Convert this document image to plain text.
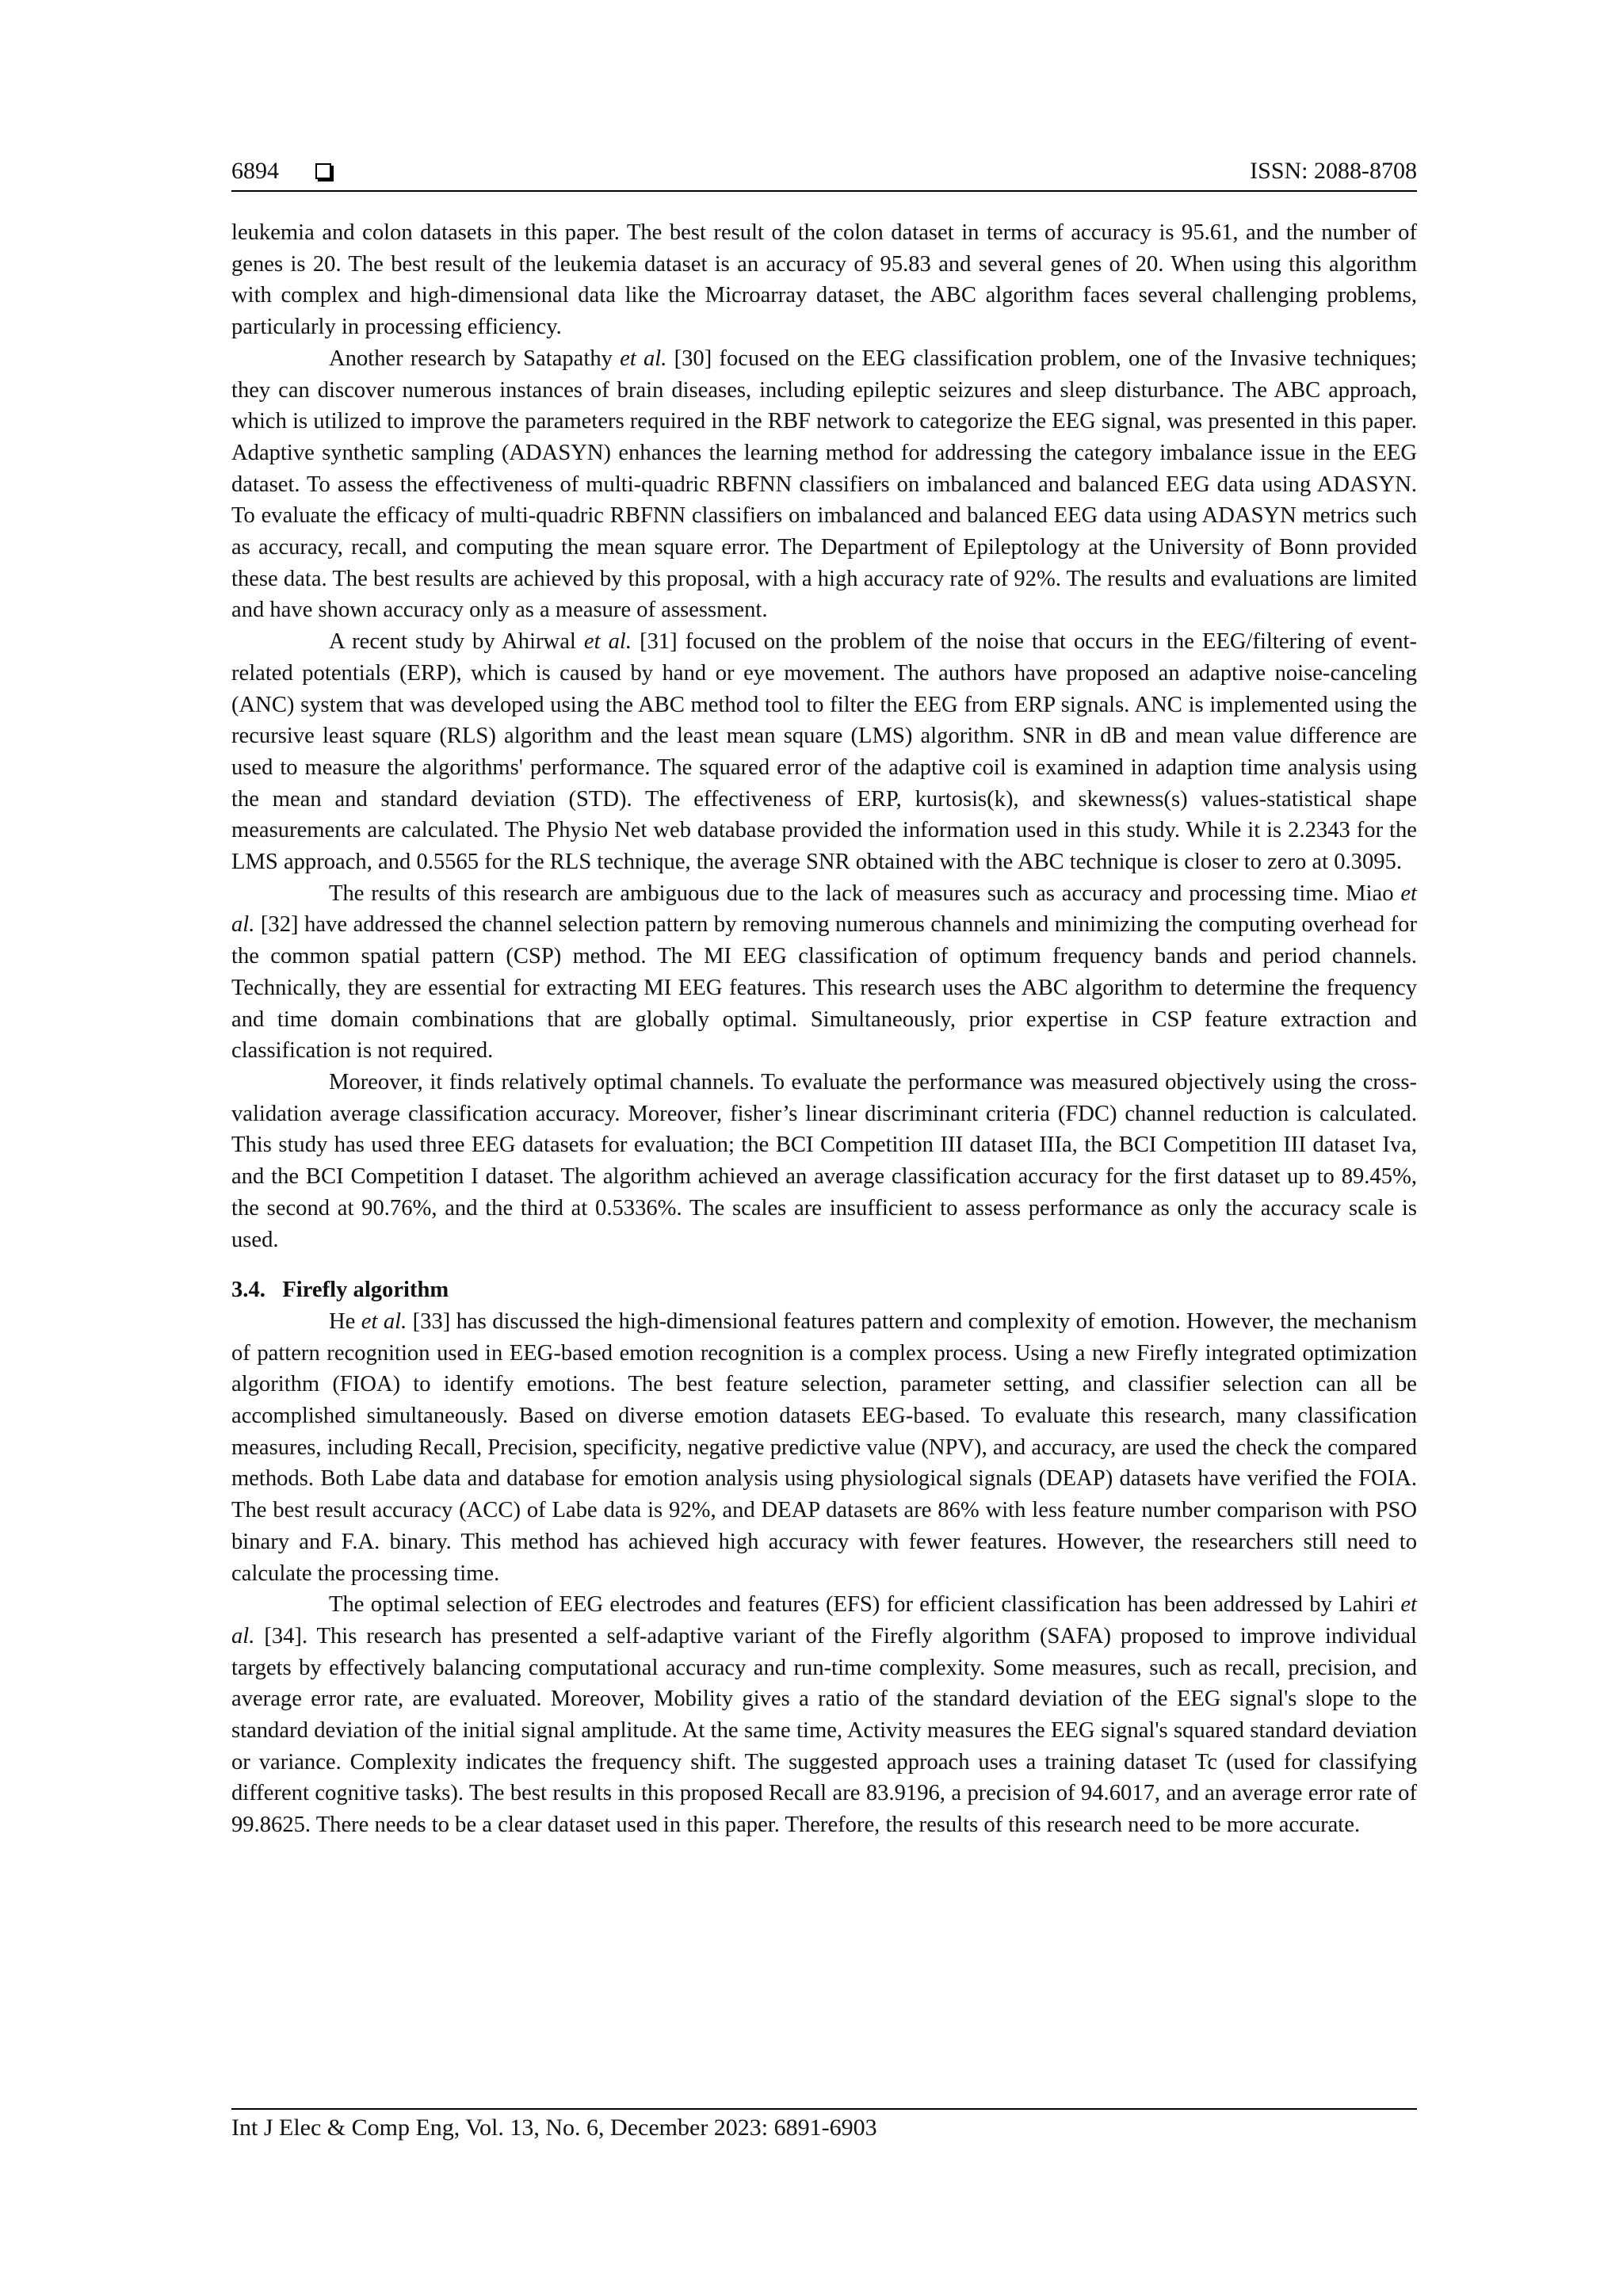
6894	ISSN: 2088-8708

leukemia and colon datasets in this paper. The best result of the colon dataset in terms of accuracy is 95.61, and the number of genes is 20. The best result of the leukemia dataset is an accuracy of 95.83 and several genes of 20. When using this algorithm with complex and high-dimensional data like the Microarray dataset, the ABC algorithm faces several challenging problems, particularly in processing efficiency.

Another research by Satapathy et al. [30] focused on the EEG classification problem, one of the Invasive techniques; they can discover numerous instances of brain diseases, including epileptic seizures and sleep disturbance. The ABC approach, which is utilized to improve the parameters required in the RBF network to categorize the EEG signal, was presented in this paper. Adaptive synthetic sampling (ADASYN) enhances the learning method for addressing the category imbalance issue in the EEG dataset. To assess the effectiveness of multi-quadric RBFNN classifiers on imbalanced and balanced EEG data using ADASYN. To evaluate the efficacy of multi-quadric RBFNN classifiers on imbalanced and balanced EEG data using ADASYN metrics such as accuracy, recall, and computing the mean square error. The Department of Epileptology at the University of Bonn provided these data. The best results are achieved by this proposal, with a high accuracy rate of 92%. The results and evaluations are limited and have shown accuracy only as a measure of assessment.

A recent study by Ahirwal et al. [31] focused on the problem of the noise that occurs in the EEG/filtering of event-related potentials (ERP), which is caused by hand or eye movement. The authors have proposed an adaptive noise-canceling (ANC) system that was developed using the ABC method tool to filter the EEG from ERP signals. ANC is implemented using the recursive least square (RLS) algorithm and the least mean square (LMS) algorithm. SNR in dB and mean value difference are used to measure the algorithms' performance. The squared error of the adaptive coil is examined in adaption time analysis using the mean and standard deviation (STD). The effectiveness of ERP, kurtosis(k), and skewness(s) values-statistical shape measurements are calculated. The Physio Net web database provided the information used in this study. While it is 2.2343 for the LMS approach, and 0.5565 for the RLS technique, the average SNR obtained with the ABC technique is closer to zero at 0.3095.

The results of this research are ambiguous due to the lack of measures such as accuracy and processing time. Miao et al. [32] have addressed the channel selection pattern by removing numerous channels and minimizing the computing overhead for the common spatial pattern (CSP) method. The MI EEG classification of optimum frequency bands and period channels. Technically, they are essential for extracting MI EEG features. This research uses the ABC algorithm to determine the frequency and time domain combinations that are globally optimal. Simultaneously, prior expertise in CSP feature extraction and classification is not required.

Moreover, it finds relatively optimal channels. To evaluate the performance was measured objectively using the cross-validation average classification accuracy. Moreover, fisher’s linear discriminant criteria (FDC) channel reduction is calculated. This study has used three EEG datasets for evaluation; the BCI Competition III dataset IIIa, the BCI Competition III dataset Iva, and the BCI Competition I dataset. The algorithm achieved an average classification accuracy for the first dataset up to 89.45%, the second at 90.76%, and the third at 0.5336%. The scales are insufficient to assess performance as only the accuracy scale is used.

3.4.  Firefly algorithm

He et al. [33] has discussed the high-dimensional features pattern and complexity of emotion. However, the mechanism of pattern recognition used in EEG-based emotion recognition is a complex process. Using a new Firefly integrated optimization algorithm (FIOA) to identify emotions. The best feature selection, parameter setting, and classifier selection can all be accomplished simultaneously. Based on diverse emotion datasets EEG-based. To evaluate this research, many classification measures, including Recall, Precision, specificity, negative predictive value (NPV), and accuracy, are used the check the compared methods. Both Labe data and database for emotion analysis using physiological signals (DEAP) datasets have verified the FOIA. The best result accuracy (ACC) of Labe data is 92%, and DEAP datasets are 86% with less feature number comparison with PSO binary and F.A. binary. This method has achieved high accuracy with fewer features. However, the researchers still need to calculate the processing time.

The optimal selection of EEG electrodes and features (EFS) for efficient classification has been addressed by Lahiri et al. [34]. This research has presented a self-adaptive variant of the Firefly algorithm (SAFA) proposed to improve individual targets by effectively balancing computational accuracy and run-time complexity. Some measures, such as recall, precision, and average error rate, are evaluated. Moreover, Mobility gives a ratio of the standard deviation of the EEG signal's slope to the standard deviation of the initial signal amplitude. At the same time, Activity measures the EEG signal's squared standard deviation or variance. Complexity indicates the frequency shift. The suggested approach uses a training dataset Tc (used for classifying different cognitive tasks). The best results in this proposed Recall are 83.9196, a precision of 94.6017, and an average error rate of 99.8625. There needs to be a clear dataset used in this paper. Therefore, the results of this research need to be more accurate.

Int J Elec & Comp Eng, Vol. 13, No. 6, December 2023: 6891-6903
